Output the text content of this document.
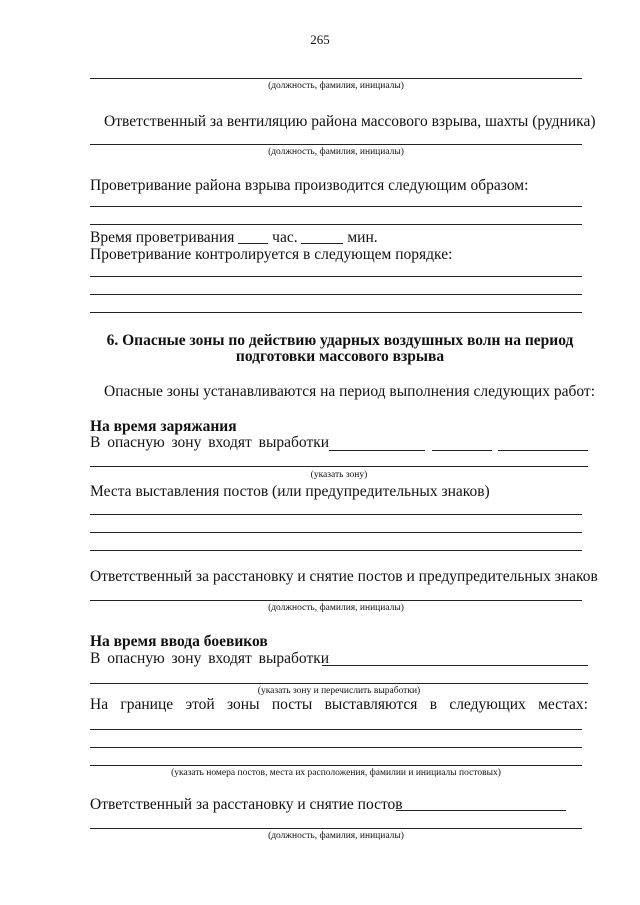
265
(должность, фамилия, инициалы)
Ответственный за вентиляцию района массового взрыва, шахты (рудника)
(должность, фамилия, инициалы)
Проветривание района взрыва производится следующим образом:
Время проветривания час.	мин.
Проветривание контролируется в следующем порядке:
6. Опасные зоны по действию ударных воздушных волн на период
подготовки массового взрыва
Опасные зоны устанавливаются на период выполнения следующих работ:
На время заряжания
В опасную зону входят выработки
(указать зону)
Места выставления постов (или предупредительных знаков)
Ответственный за расстановку и снятие постов и предупредительных знаков
(должность, фамилия, инициалы)
На время ввода боевиков
В опасную зону входят выработки
(указать зону и перечислить выработки)
На границе этой зоны посты выставляются в следующих местах:
(указать номера постов, места их расположения, фамилии и инициалы постовых)
Ответственный за расстановку и снятие постов
(должность, фамилия, инициалы)
